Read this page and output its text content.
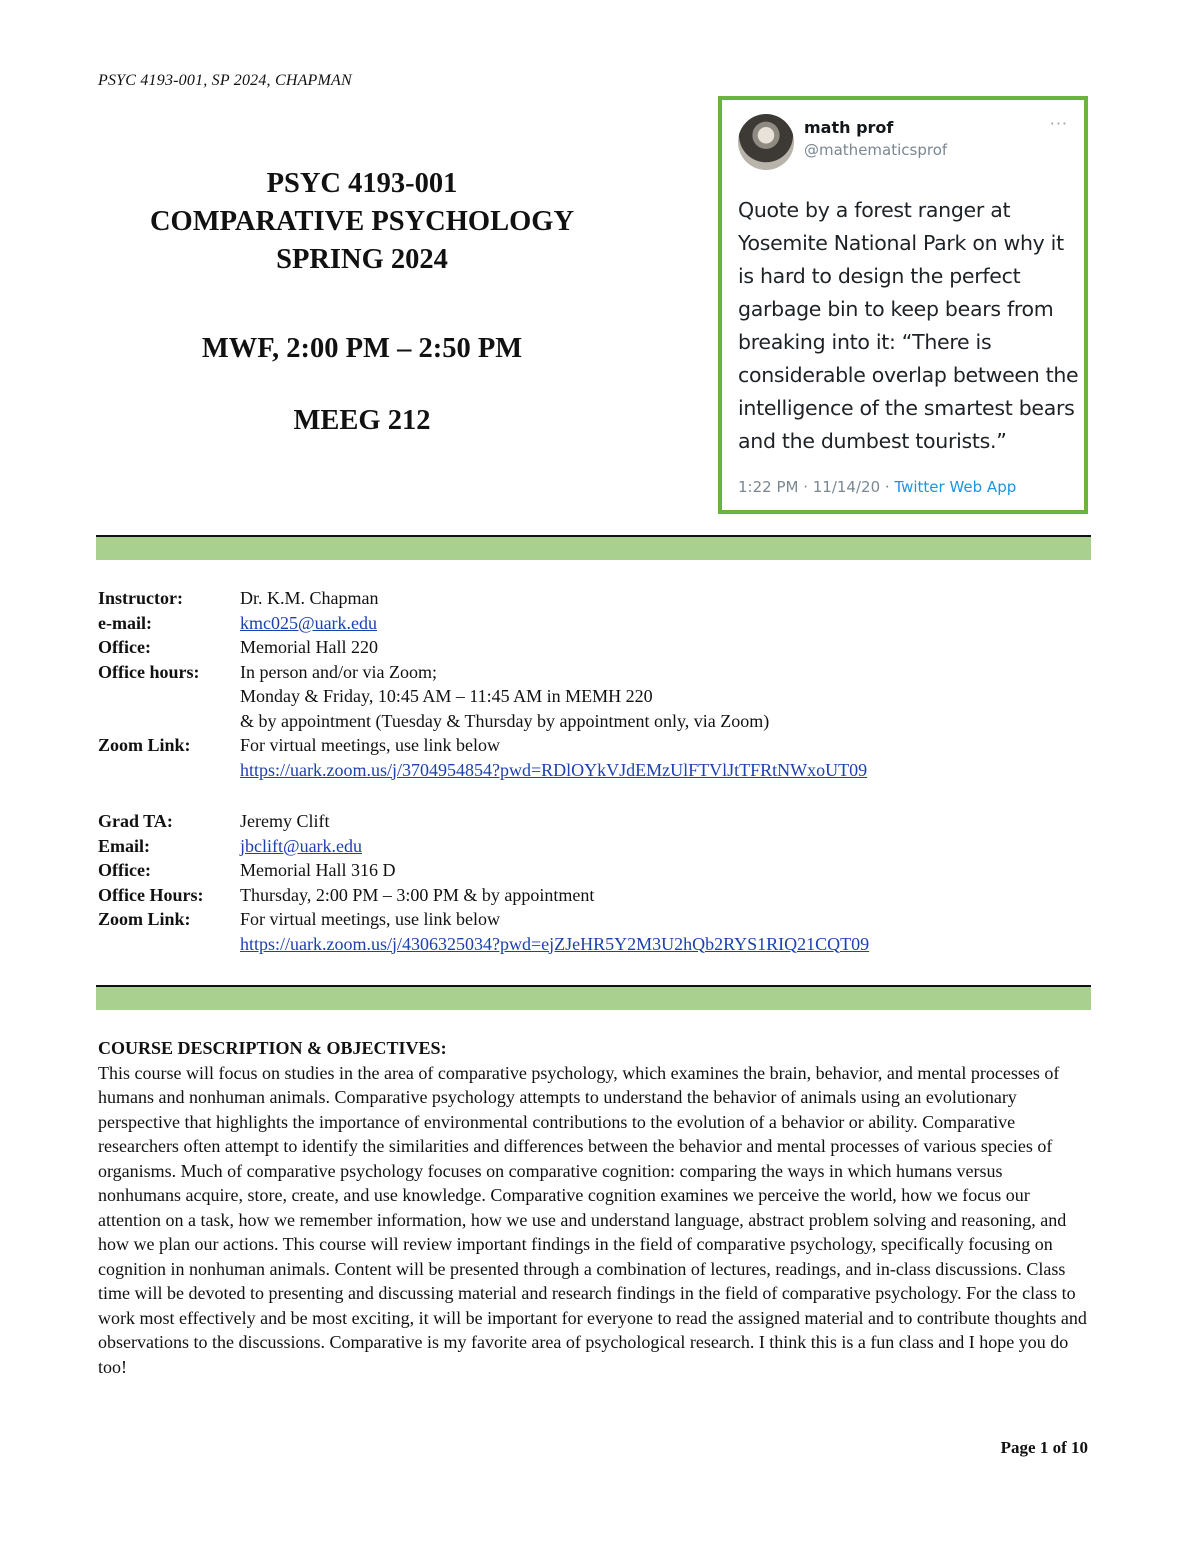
PSYC 4193-001, SP 2024, CHAPMAN
PSYC 4193-001
COMPARATIVE PSYCHOLOGY
SPRING 2024
MWF, 2:00 PM – 2:50 PM
MEEG 212
math prof
@mathematicsprof
···
Quote by a forest ranger at Yosemite National Park on why it is hard to design the perfect garbage bin to keep bears from breaking into it: “There is considerable overlap between the intelligence of the smartest bears and the dumbest tourists.”
1:22 PM · 11/14/20 · Twitter Web App
Instructor:	Dr. K.M. Chapman
e-mail:	kmc025@uark.edu
Office:	Memorial Hall 220
Office hours:	In person and/or via Zoom;
Monday & Friday, 10:45 AM – 11:45 AM in MEMH 220
& by appointment (Tuesday & Thursday by appointment only, via Zoom)
Zoom Link:	For virtual meetings, use link below
https://uark.zoom.us/j/3704954854?pwd=RDlOYkVJdEMzUlFTVlJtTFRtNWxoUT09
Grad TA:	Jeremy Clift
Email:	jbclift@uark.edu
Office:	Memorial Hall 316 D
Office Hours:	Thursday, 2:00 PM – 3:00 PM & by appointment
Zoom Link:	For virtual meetings, use link below
https://uark.zoom.us/j/4306325034?pwd=ejZJeHR5Y2M3U2hQb2RYS1RIQ21CQT09
COURSE DESCRIPTION & OBJECTIVES:

This course will focus on studies in the area of comparative psychology, which examines the brain, behavior, and mental processes of humans and nonhuman animals. Comparative psychology attempts to understand the behavior of animals using an evolutionary perspective that highlights the importance of environmental contributions to the evolution of a behavior or ability. Comparative researchers often attempt to identify the similarities and differences between the behavior and mental processes of various species of organisms. Much of comparative psychology focuses on comparative cognition: comparing the ways in which humans versus nonhumans acquire, store, create, and use knowledge. Comparative cognition examines we perceive the world, how we focus our attention on a task, how we remember information, how we use and understand language, abstract problem solving and reasoning, and how we plan our actions. This course will review important findings in the field of comparative psychology, specifically focusing on cognition in nonhuman animals. Content will be presented through a combination of lectures, readings, and in-class discussions. Class time will be devoted to presenting and discussing material and research findings in the field of comparative psychology. For the class to work most effectively and be most exciting, it will be important for everyone to read the assigned material and to contribute thoughts and observations to the discussions. Comparative is my favorite area of psychological research. I think this is a fun class and I hope you do too!

Page 1 of 10
